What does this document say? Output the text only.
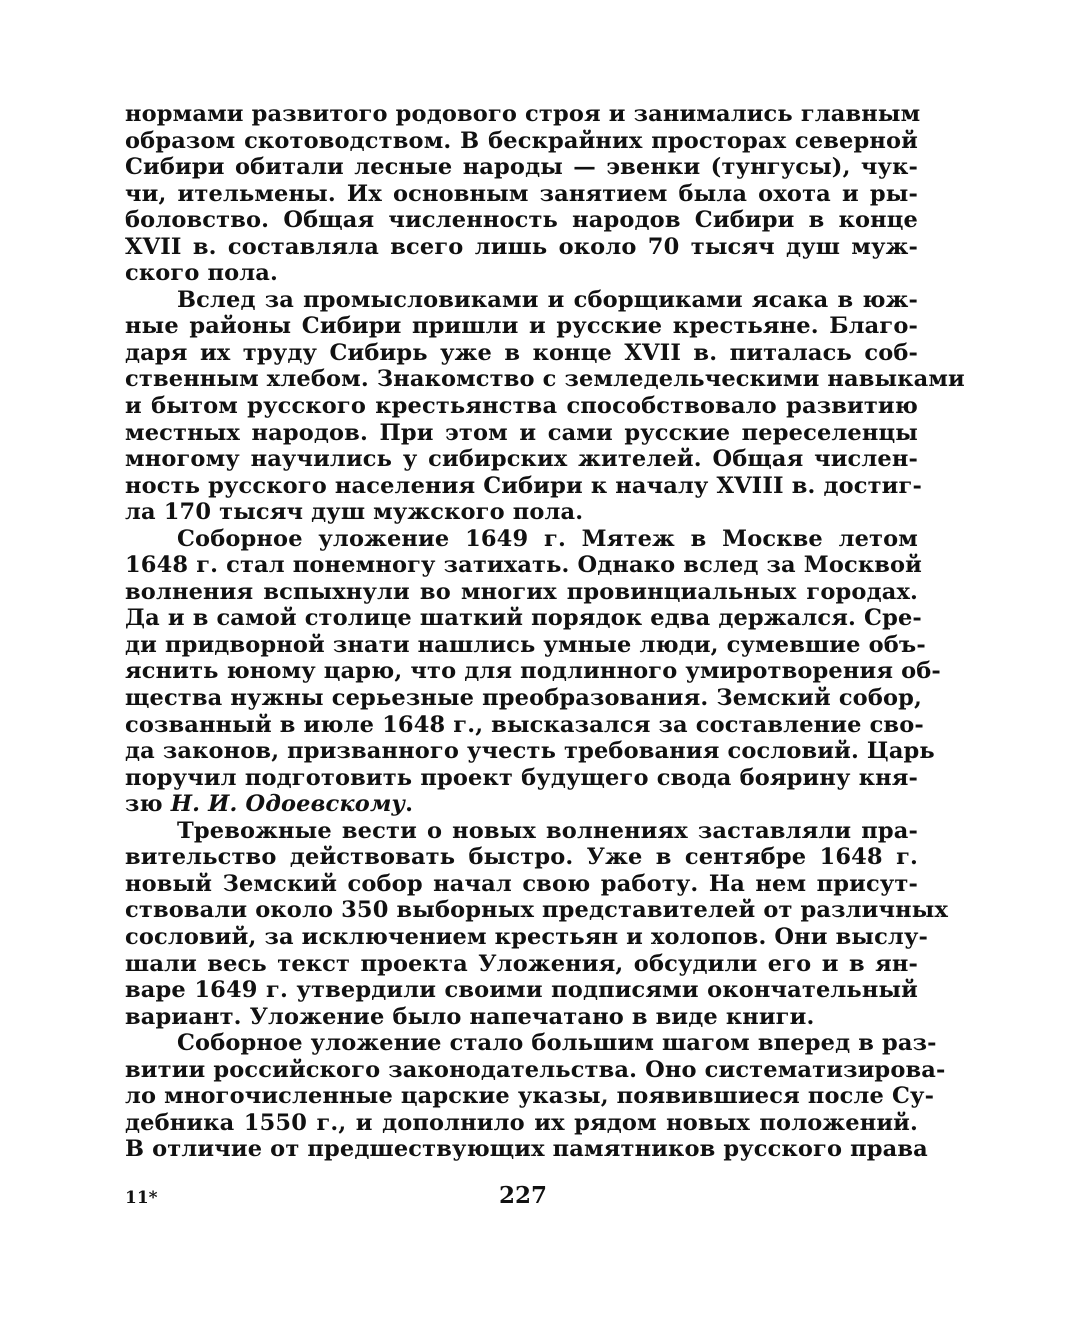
нормами развитого родового строя и занимались главным
образом скотоводством. В бескрайних просторах северной
Сибири обитали лесные народы — эвенки (тунгусы), чук-
чи, ительмены. Их основным занятием была охота и ры-
боловство. Общая численность народов Сибири в конце
XVII в. составляла всего лишь около 70 тысяч душ муж-
ского пола.
Вслед за промысловиками и сборщиками ясака в юж-
ные районы Сибири пришли и русские крестьяне. Благо-
даря их труду Сибирь уже в конце XVII в. питалась соб-
ственным хлебом. Знакомство с земледельческими навыками
и бытом русского крестьянства способствовало развитию
местных народов. При этом и сами русские переселенцы
многому научились у сибирских жителей. Общая числен-
ность русского населения Сибири к началу XVIII в. достиг-
ла 170 тысяч душ мужского пола.
Соборное уложение 1649 г. Мятеж в Москве летом
1648 г. стал понемногу затихать. Однако вслед за Москвой
волнения вспыхнули во многих провинциальных городах.
Да и в самой столице шаткий порядок едва держался. Сре-
ди придворной знати нашлись умные люди, сумевшие объ-
яснить юному царю, что для подлинного умиротворения об-
щества нужны серьезные преобразования. Земский собор,
созванный в июле 1648 г., высказался за составление сво-
да законов, призванного учесть требования сословий. Царь
поручил подготовить проект будущего свода боярину кня-
зю Н. И. Одоевскому.
Тревожные вести о новых волнениях заставляли пра-
вительство действовать быстро. Уже в сентябре 1648 г.
новый Земский собор начал свою работу. На нем присут-
ствовали около 350 выборных представителей от различных
сословий, за исключением крестьян и холопов. Они выслу-
шали весь текст проекта Уложения, обсудили его и в ян-
варе 1649 г. утвердили своими подписями окончательный
вариант. Уложение было напечатано в виде книги.
Соборное уложение стало большим шагом вперед в раз-
витии российского законодательства. Оно систематизирова-
ло многочисленные царские указы, появившиеся после Су-
дебника 1550 г., и дополнило их рядом новых положений.
В отличие от предшествующих памятников русского права
11*	227
